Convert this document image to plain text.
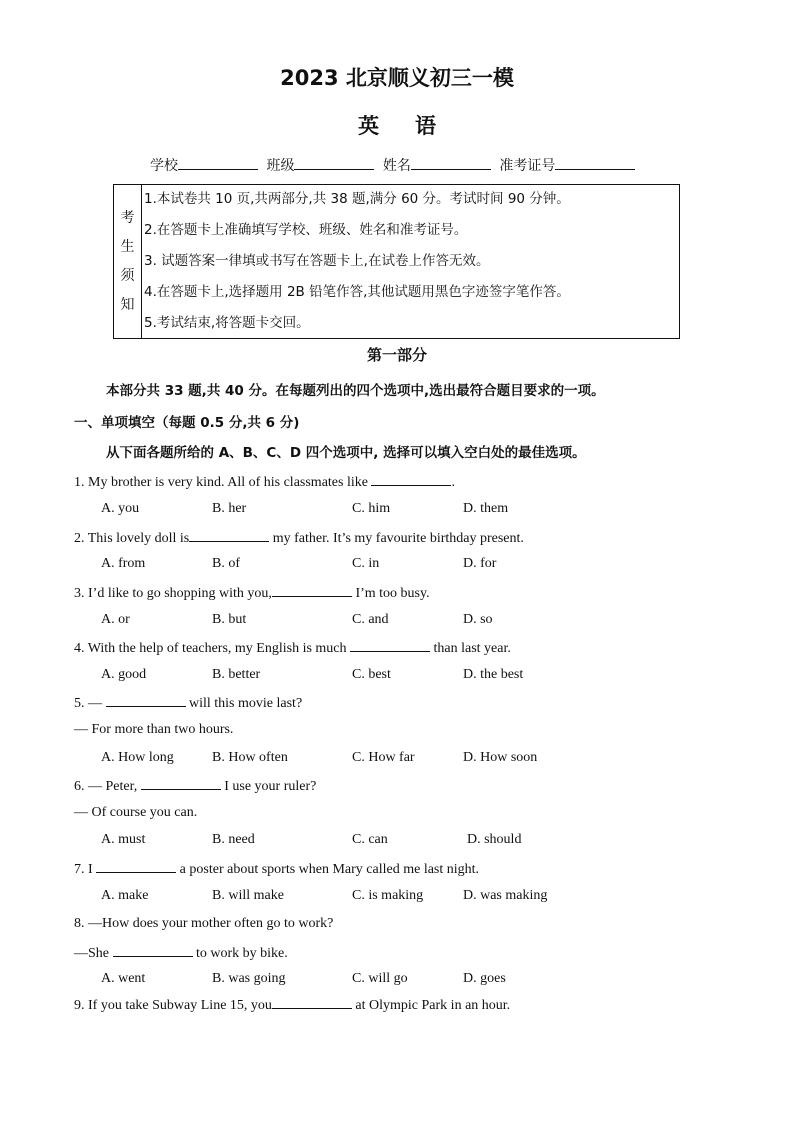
2023 北京顺义初三一模
英语
学校	班级	姓名	准考证号
考
生
须
知
1.本试卷共 10 页,共两部分,共 38 题,满分 60 分。考试时间 90 分钟。
2.在答题卡上准确填写学校、班级、姓名和准考证号。
3. 试题答案一律填或书写在答题卡上,在试卷上作答无效。
4.在答题卡上,选择题用 2B 铅笔作答,其他试题用黑色字迹签字笔作答。
5.考试结束,将答题卡交回。
第一部分
本部分共 33 题,共 40 分。在每题列出的四个选项中,选出最符合题目要求的一项。
一、单项填空（每题 0.5 分,共 6 分)
从下面各题所给的 A、B、C、D 四个选项中, 选择可以填入空白处的最佳选项。
1. My brother is very kind. All of his classmates like	.
A. you	B. her	C. him	D. them
2. This lovely doll is	my father. It’s my favourite birthday present.
A. from	B. of	C. in	D. for
3. I’d like to go shopping with you,	I’m too busy.
A. or	B. but	C. and	D. so
4. With the help of teachers, my English is much	than last year.
A. good	B. better	C. best	D. the best
5. —	will this movie last?
— For more than two hours.
A. How long	B. How often	C. How far	D. How soon
6. — Peter,	I use your ruler?
— Of course you can.
A. must	B. need	C. can	D. should
7. I	a poster about sports when Mary called me last night.
A. make	B. will make	C. is making	D. was making
8. —How does your mother often go to work?
—She	to work by bike.
A. went	B. was going	C. will go	D. goes
9. If you take Subway Line 15, you	at Olympic Park in an hour.
